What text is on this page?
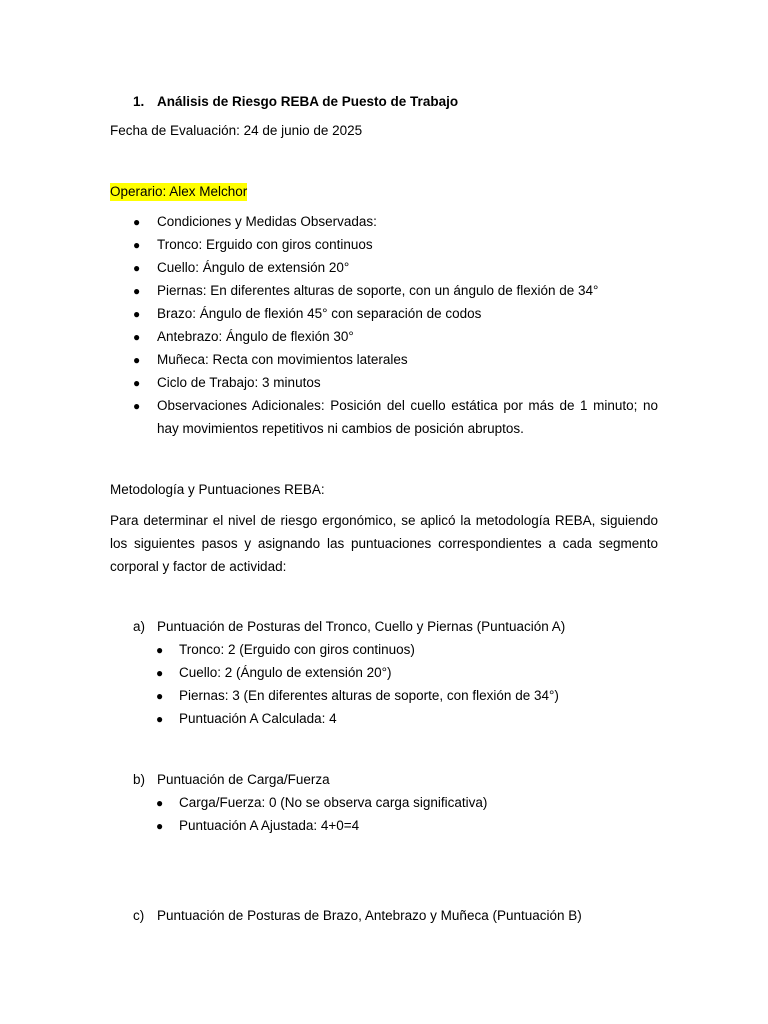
1. Análisis de Riesgo REBA de Puesto de Trabajo
Fecha de Evaluación: 24 de junio de 2025
Operario: Alex Melchor
● Condiciones y Medidas Observadas:
● Tronco: Erguido con giros continuos
● Cuello: Ángulo de extensión 20°
● Piernas: En diferentes alturas de soporte, con un ángulo de flexión de 34°
● Brazo: Ángulo de flexión 45° con separación de codos
● Antebrazo: Ángulo de flexión 30°
● Muñeca: Recta con movimientos laterales
● Ciclo de Trabajo: 3 minutos
● Observaciones Adicionales: Posición del cuello estática por más de 1 minuto; no hay movimientos repetitivos ni cambios de posición abruptos.
Metodología y Puntuaciones REBA:
Para determinar el nivel de riesgo ergonómico, se aplicó la metodología REBA, siguiendo los siguientes pasos y asignando las puntuaciones correspondientes a cada segmento corporal y factor de actividad:
a) Puntuación de Posturas del Tronco, Cuello y Piernas (Puntuación A)
● Tronco: 2 (Erguido con giros continuos)
● Cuello: 2 (Ángulo de extensión 20°)
● Piernas: 3 (En diferentes alturas de soporte, con flexión de 34°)
● Puntuación A Calculada: 4
b) Puntuación de Carga/Fuerza
● Carga/Fuerza: 0 (No se observa carga significativa)
● Puntuación A Ajustada: 4+0=4
c) Puntuación de Posturas de Brazo, Antebrazo y Muñeca (Puntuación B)
